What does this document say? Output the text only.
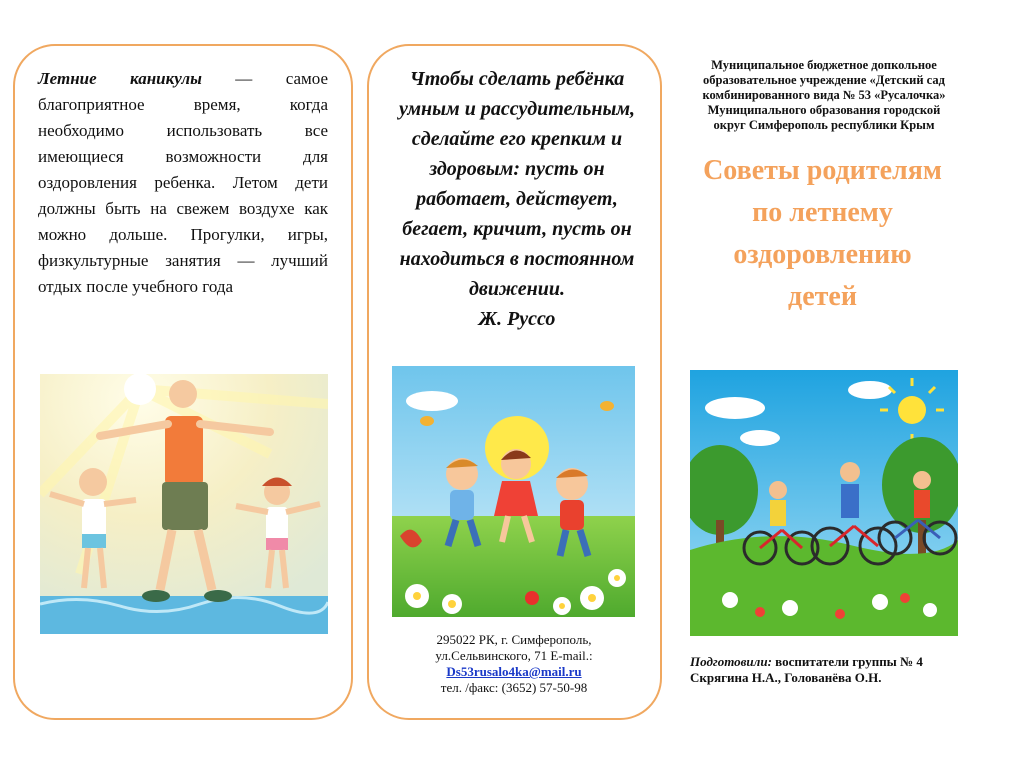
Летние каникулы — самое благоприятное время, когда необходимо использовать все имеющиеся возможности для оздоровления ребенка. Летом дети должны быть на свежем воздухе как можно дольше. Прогулки, игры, физкультурные занятия — лучший отдых после учебного года

Чтобы сделать ребёнка умным и рассудительным, сделайте его крепким и здоровым: пусть он работает, действует, бегает, кричит, пусть он находиться в постоянном движении.
Ж. Руссо
295022 РК, г. Симферополь,
ул.Сельвинского, 71 E-mail.:
Ds53rusalo4ka@mail.ru
тел. /факс: (3652) 57-50-98
Муниципальное бюджетное допкольное образовательное учреждение «Детский сад комбинированного вида № 53 «Русалочка» Муниципального образования городской округ Симферополь республики Крым
Советы родителям по летнему оздоровлению детей
Подготовили: воспитатели группы № 4
Скрягина Н.А., Голованёва О.Н.
